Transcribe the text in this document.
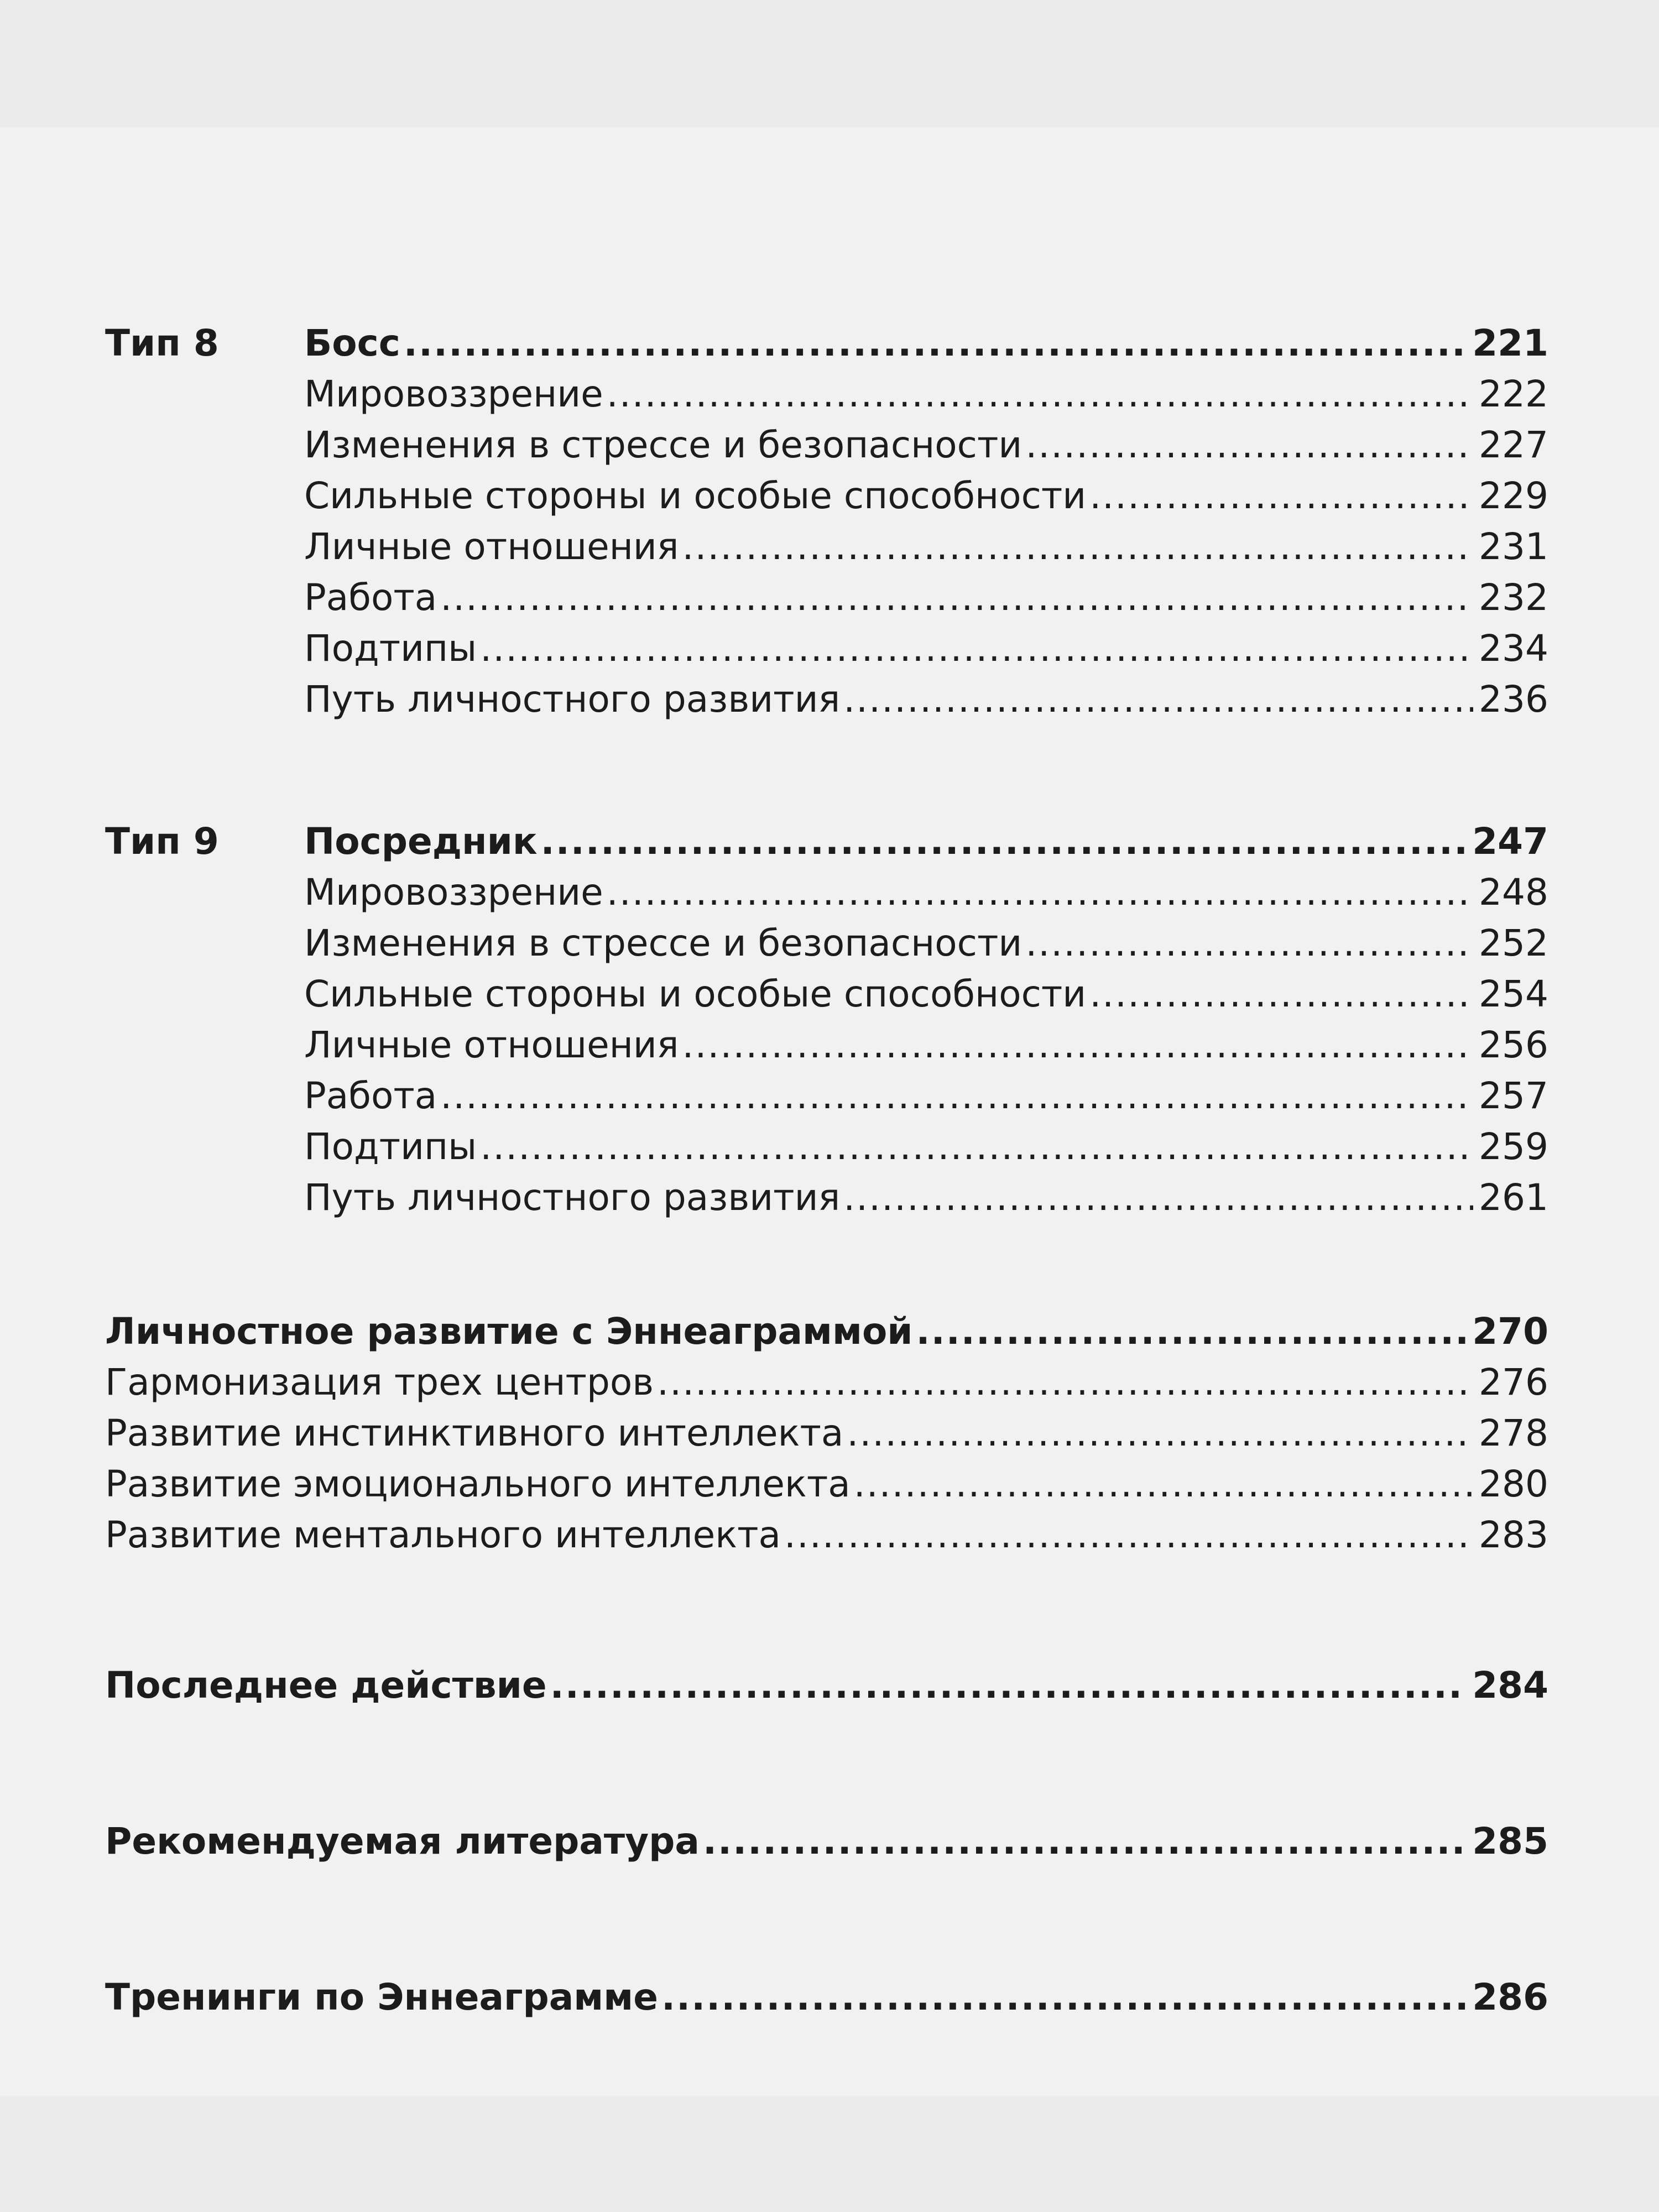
Тип 8	Босс .....	221
Мировоззрение .....	222
Изменения в стрессе и безопасности .....	227
Сильные стороны и особые способности .....	229
Личные отношения .....	231
Работа .....	232
Подтипы .....	234
Путь личностного развития .....	236
Тип 9	Посредник .....	247
Мировоззрение .....	248
Изменения в стрессе и безопасности .....	252
Сильные стороны и особые способности .....	254
Личные отношения .....	256
Работа .....	257
Подтипы .....	259
Путь личностного развития .....	261
Личностное развитие с Эннеаграммой .....	270
Гармонизация трех центров .....	276
Развитие инстинктивного интеллекта .....	278
Развитие эмоционального интеллекта .....	280
Развитие ментального интеллекта .....	283
Последнее действие .....	284
Рекомендуемая литература .....	285
Тренинги по Эннеаграмме .....	286
